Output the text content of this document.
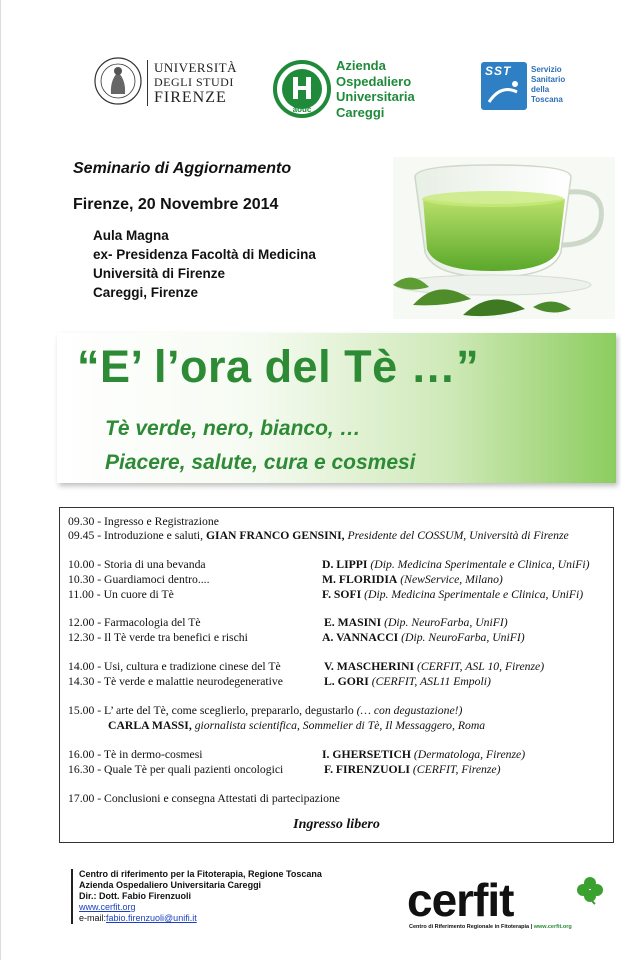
UNIVERSITÀ
DEGLI STUDI
FIRENZE
aouc
Azienda
Ospedaliero
Universitaria
Careggi
SST Servizio
Sanitario
della
Toscana
Seminario di Aggiornamento
Firenze, 20 Novembre 2014
Aula Magna
ex- Presidenza Facoltà di Medicina
Università di Firenze
Careggi, Firenze
“E’ l’ora del Tè …”
Tè verde, nero, bianco, …
Piacere, salute, cura e cosmesi
09.30 - Ingresso e Registrazione
09.45 - Introduzione e saluti, GIAN FRANCO GENSINI, Presidente del COSSUM, Università di Firenze
10.00 - Storia di una bevanda	D. LIPPI (Dip. Medicina Sperimentale e Clinica, UniFi)
10.30 - Guardiamoci dentro....	M. FLORIDIA (NewService, Milano)
11.00 - Un cuore di Tè	F. SOFI (Dip. Medicina Sperimentale e Clinica, UniFi)
12.00 - Farmacologia del Tè	E. MASINI (Dip. NeuroFarba, UniFI)
12.30 - Il Tè verde tra benefici e rischi	A. VANNACCI (Dip. NeuroFarba, UniFI)
14.00 - Usi, cultura e tradizione cinese del Tè	V. MASCHERINI (CERFIT, ASL 10, Firenze)
14.30 - Tè verde e malattie neurodegenerative	L. GORI (CERFIT, ASL11 Empoli)
15.00 - L’ arte del Tè, come sceglierlo, prepararlo, degustarlo (… con degustazione!)
CARLA MASSI, giornalista scientifica, Sommelier di Tè, Il Messaggero, Roma
16.00 - Tè in dermo-cosmesi	I. GHERSETICH (Dermatologa, Firenze)
16.30 - Quale Tè per quali pazienti oncologici	F. FIRENZUOLI (CERFIT, Firenze)
17.00 - Conclusioni e consegna Attestati di partecipazione
Ingresso libero
Centro di riferimento per la Fitoterapia, Regione Toscana
Azienda Ospedaliero Universitaria Careggi
Dir.: Dott. Fabio Firenzuoli
www.cerfit.org
e-mail:fabio.firenzuoli@unifi.it	cerfit
Centro di Riferimento Regionale in Fitoterapia | www.cerfit.org
